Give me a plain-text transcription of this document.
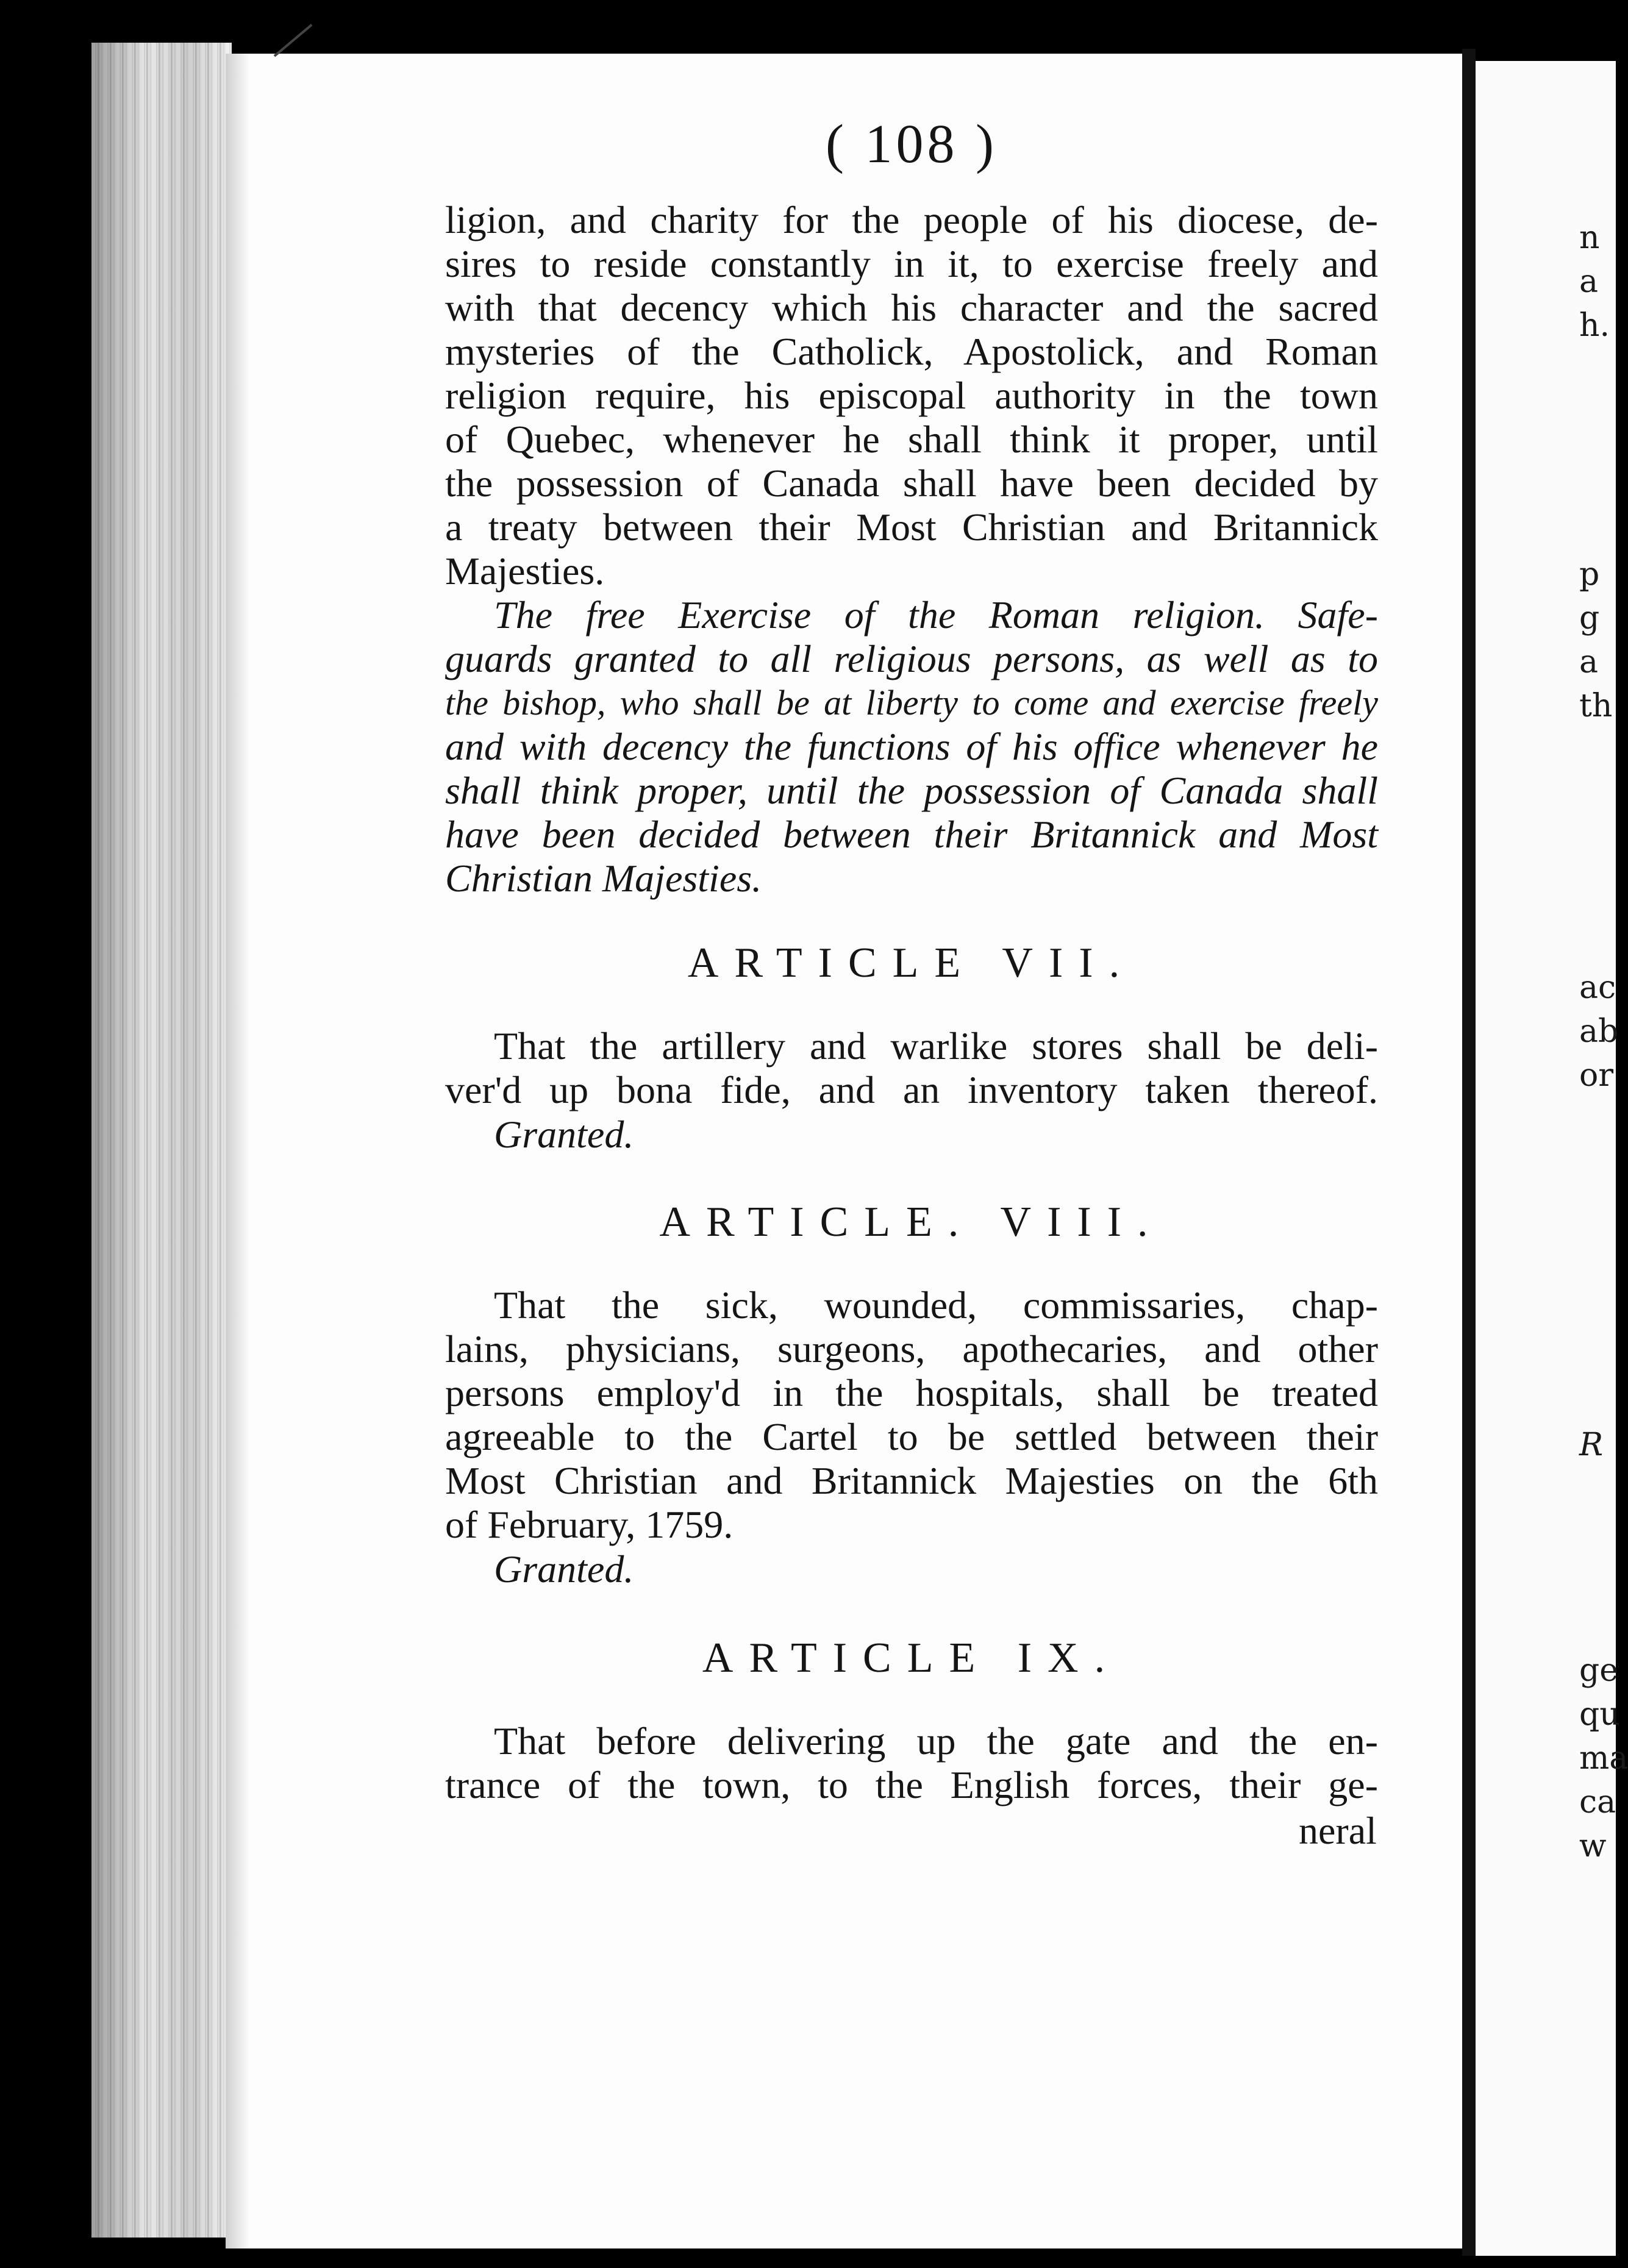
n
a
h.
p
g
a
th
ac
ab
or
R
ge
qu
ma
ca
w
( 108 )
ligion, and charity for the people of his diocese, de-
sires to reside constantly in it, to exercise freely and
with that decency which his character and the sacred
mysteries of the Catholick, Apostolick, and Roman
religion require, his episcopal authority in the town
of Quebec, whenever he shall think it proper, until
the possession of Canada shall have been decided by
a treaty between their Most Christian and Britannick
Majesties.
The free Exercise of the Roman religion. Safe-
guards granted to all religious persons, as well as to
the bishop, who shall be at liberty to come and exercise freely
and with decency the functions of his office whenever he
shall think proper, until the possession of Canada shall
have been decided between their Britannick and Most
Christian Majesties.
ARTICLE VII.
That the artillery and warlike stores shall be deli-
ver'd up bona fide, and an inventory taken thereof.
Granted.
ARTICLE. VIII.
That the sick, wounded, commissaries, chap-
lains, physicians, surgeons, apothecaries, and other
persons employ'd in the hospitals, shall be treated
agreeable to the Cartel to be settled between their
Most Christian and Britannick Majesties on the 6th
of February, 1759.
Granted.
ARTICLE IX.
That before delivering up the gate and the en-
trance of the town, to the English forces, their ge-
neral
